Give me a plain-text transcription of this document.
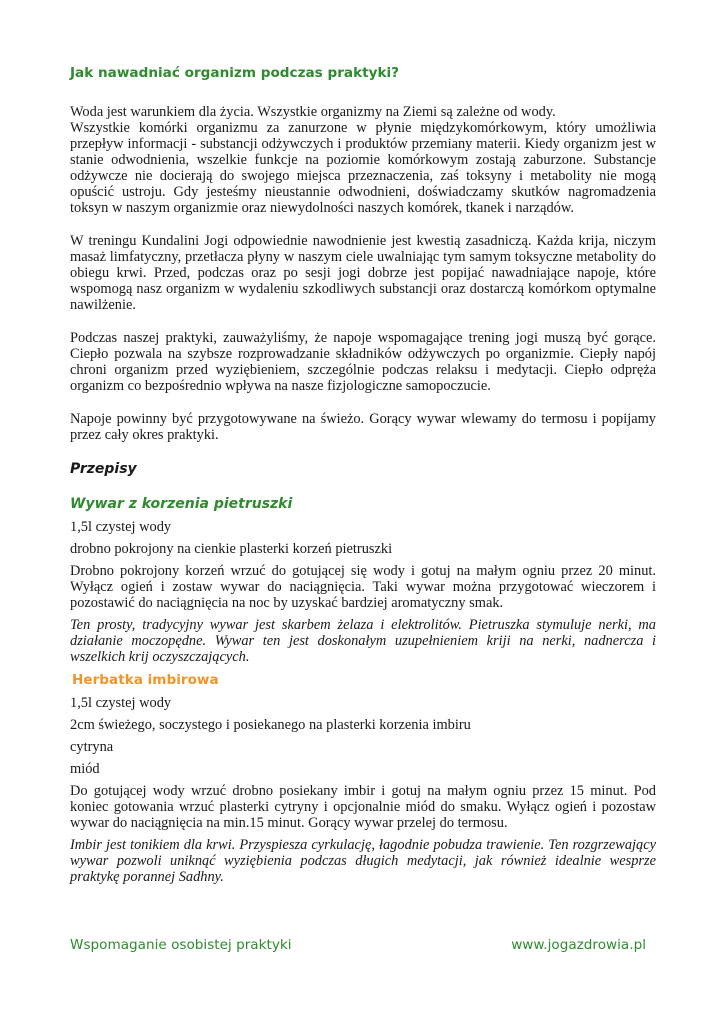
Jak nawadniać organizm podczas praktyki?

Woda jest warunkiem dla życia. Wszystkie organizmy na Ziemi są zależne od wody.
Wszystkie komórki organizmu za zanurzone w płynie międzykomórkowym, który umożliwia przepływ informacji - substancji odżywczych i produktów przemiany materii. Kiedy organizm jest w stanie odwodnienia, wszelkie funkcje na poziomie komórkowym zostają zaburzone. Substancje odżywcze nie docierają do swojego miejsca przeznaczenia, zaś toksyny i metabolity nie mogą opuścić ustroju. Gdy jesteśmy nieustannie odwodnieni, doświadczamy skutków nagromadzenia toksyn w naszym organizmie oraz niewydolności naszych komórek, tkanek i narządów.

W treningu Kundalini Jogi odpowiednie nawodnienie jest kwestią zasadniczą. Każda krija, niczym masaż limfatyczny, przetłacza płyny w naszym ciele uwalniając tym samym toksyczne metabolity do obiegu krwi. Przed, podczas oraz po sesji jogi dobrze jest popijać nawadniające napoje, które wspomogą nasz organizm w wydaleniu szkodliwych substancji oraz dostarczą komórkom optymalne nawilżenie.

Podczas naszej praktyki, zauważyliśmy, że napoje wspomagające trening jogi muszą być gorące. Ciepło pozwala na szybsze rozprowadzanie składników odżywczych po organizmie. Ciepły napój chroni organizm przed wyziębieniem, szczególnie podczas relaksu i medytacji. Ciepło odpręża organizm co bezpośrednio wpływa na nasze fizjologiczne samopoczucie.

Napoje powinny być przygotowywane na świeżo. Gorący wywar wlewamy do termosu i popijamy przez cały okres praktyki.

Przepisy
Wywar z korzenia pietruszki

1,5l czystej wody

drobno pokrojony na cienkie plasterki korzeń pietruszki

Drobno pokrojony korzeń wrzuć do gotującej się wody i gotuj na małym ogniu przez 20 minut. Wyłącz ogień i zostaw wywar do naciągnięcia. Taki wywar można przygotować wieczorem i pozostawić do naciągnięcia na noc by uzyskać bardziej aromatyczny smak.

Ten prosty, tradycyjny wywar jest skarbem żelaza i elektrolitów. Pietruszka stymuluje nerki, ma działanie moczopędne. Wywar ten jest doskonałym uzupełnieniem kriji na nerki, nadnercza i wszelkich krij oczyszczających.

Herbatka imbirowa

1,5l czystej wody

2cm świeżego, soczystego i posiekanego na plasterki korzenia imbiru

cytryna

miód

Do gotującej wody wrzuć drobno posiekany imbir i gotuj na małym ogniu przez 15 minut. Pod koniec gotowania wrzuć plasterki cytryny i opcjonalnie miód do smaku. Wyłącz ogień i pozostaw wywar do naciągnięcia na min.15 minut. Gorący wywar przelej do termosu.

Imbir jest tonikiem dla krwi. Przyspiesza cyrkulację, łagodnie pobudza trawienie. Ten rozgrzewający wywar pozwoli uniknąć wyziębienia podczas długich medytacji, jak również idealnie wesprze praktykę porannej Sadhny.

Wspomaganie osobistej praktyki	www.jogazdrowia.pl
